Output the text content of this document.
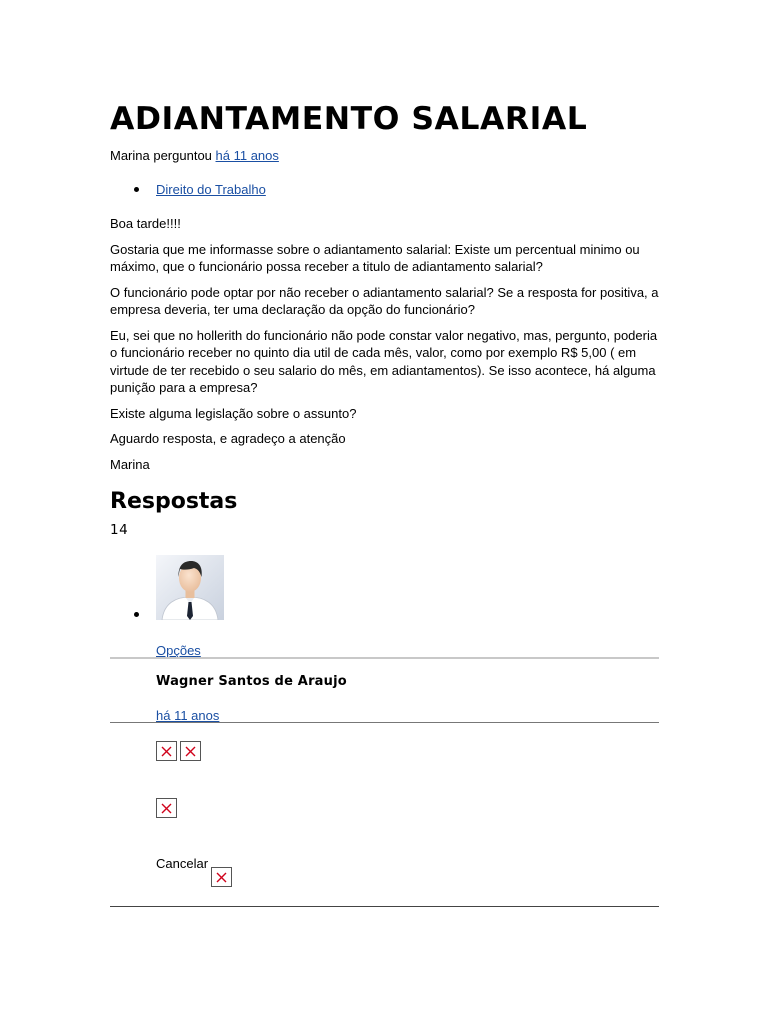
ADIANTAMENTO SALARIAL
Marina perguntou há 11 anos
Direito do Trabalho

Boa tarde!!!!

Gostaria que me informasse sobre o adiantamento salarial: Existe um percentual minimo ou máximo, que o funcionário possa receber a titulo de adiantamento salarial?

O funcionário pode optar por não receber o adiantamento salarial? Se a resposta for positiva, a empresa deveria, ter uma declaração da opção do funcionário?

Eu, sei que no hollerith do funcionário não pode constar valor negativo, mas, pergunto, poderia o funcionário receber no quinto dia util de cada mês, valor, como por exemplo R$ 5,00 ( em virtude de ter recebido o seu salario do mês, em adiantamentos). Se isso acontece, há alguma punição para a empresa?

Existe alguma legislação sobre o assunto?

Aguardo resposta, e agradeço a atenção

Marina

Respostas
14
Opções
Wagner Santos de Araujo
há 11 anos
Cancelar
